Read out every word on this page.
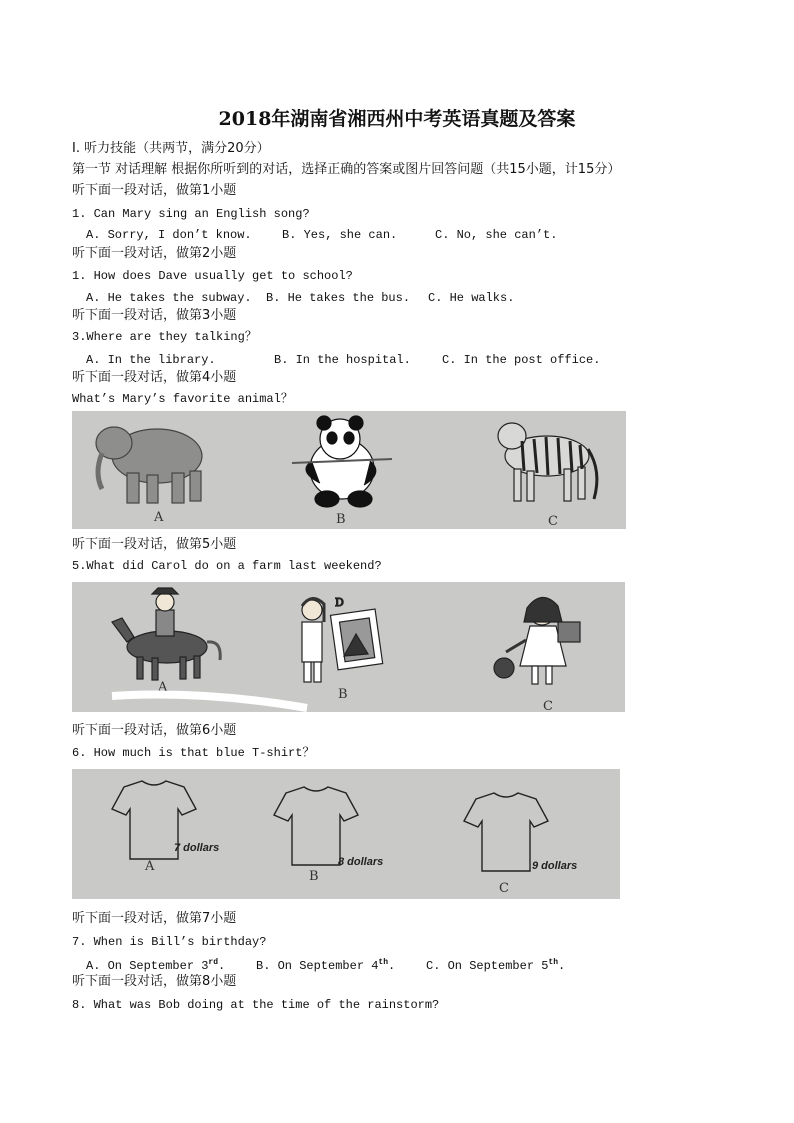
2018年湖南省湘西州中考英语真题及答案
I. 听力技能（共两节，满分20分）
第一节 对话理解 根据你所听到的对话，选择正确的答案或图片回答问题（共15小题，计15分）
听下面一段对话，做第1小题
1. Can Mary sing an English song?

A. Sorry, I don’t know.

	B. Yes, she can.

	C. No, she can’t.

听下面一段对话，做第2小题
1. How does Dave usually get to school?

A. He takes the subway.

B. He takes the bus.

C. He walks.

听下面一段对话，做第3小题
3.Where are they talking？

A. In the library.

	B. In the hospital.

	C. In the post office.

听下面一段对话，做第4小题
What’s Mary’s favorite animal？
A	B	C
听下面一段对话，做第5小题
5.What did Carol do on a farm last weekend?
A
D
B
C
听下面一段对话，做第6小题
6. How much is that blue T-shirt？
7 dollars
A	8 dollars
B
9 dollars
C
听下面一段对话，做第7小题
7. When is Bill’s birthday?

A. On September 3rd.

	B. On September 4th.

	C. On September 5th.

听下面一段对话，做第8小题
8. What was Bob doing at the time of the rainstorm?
